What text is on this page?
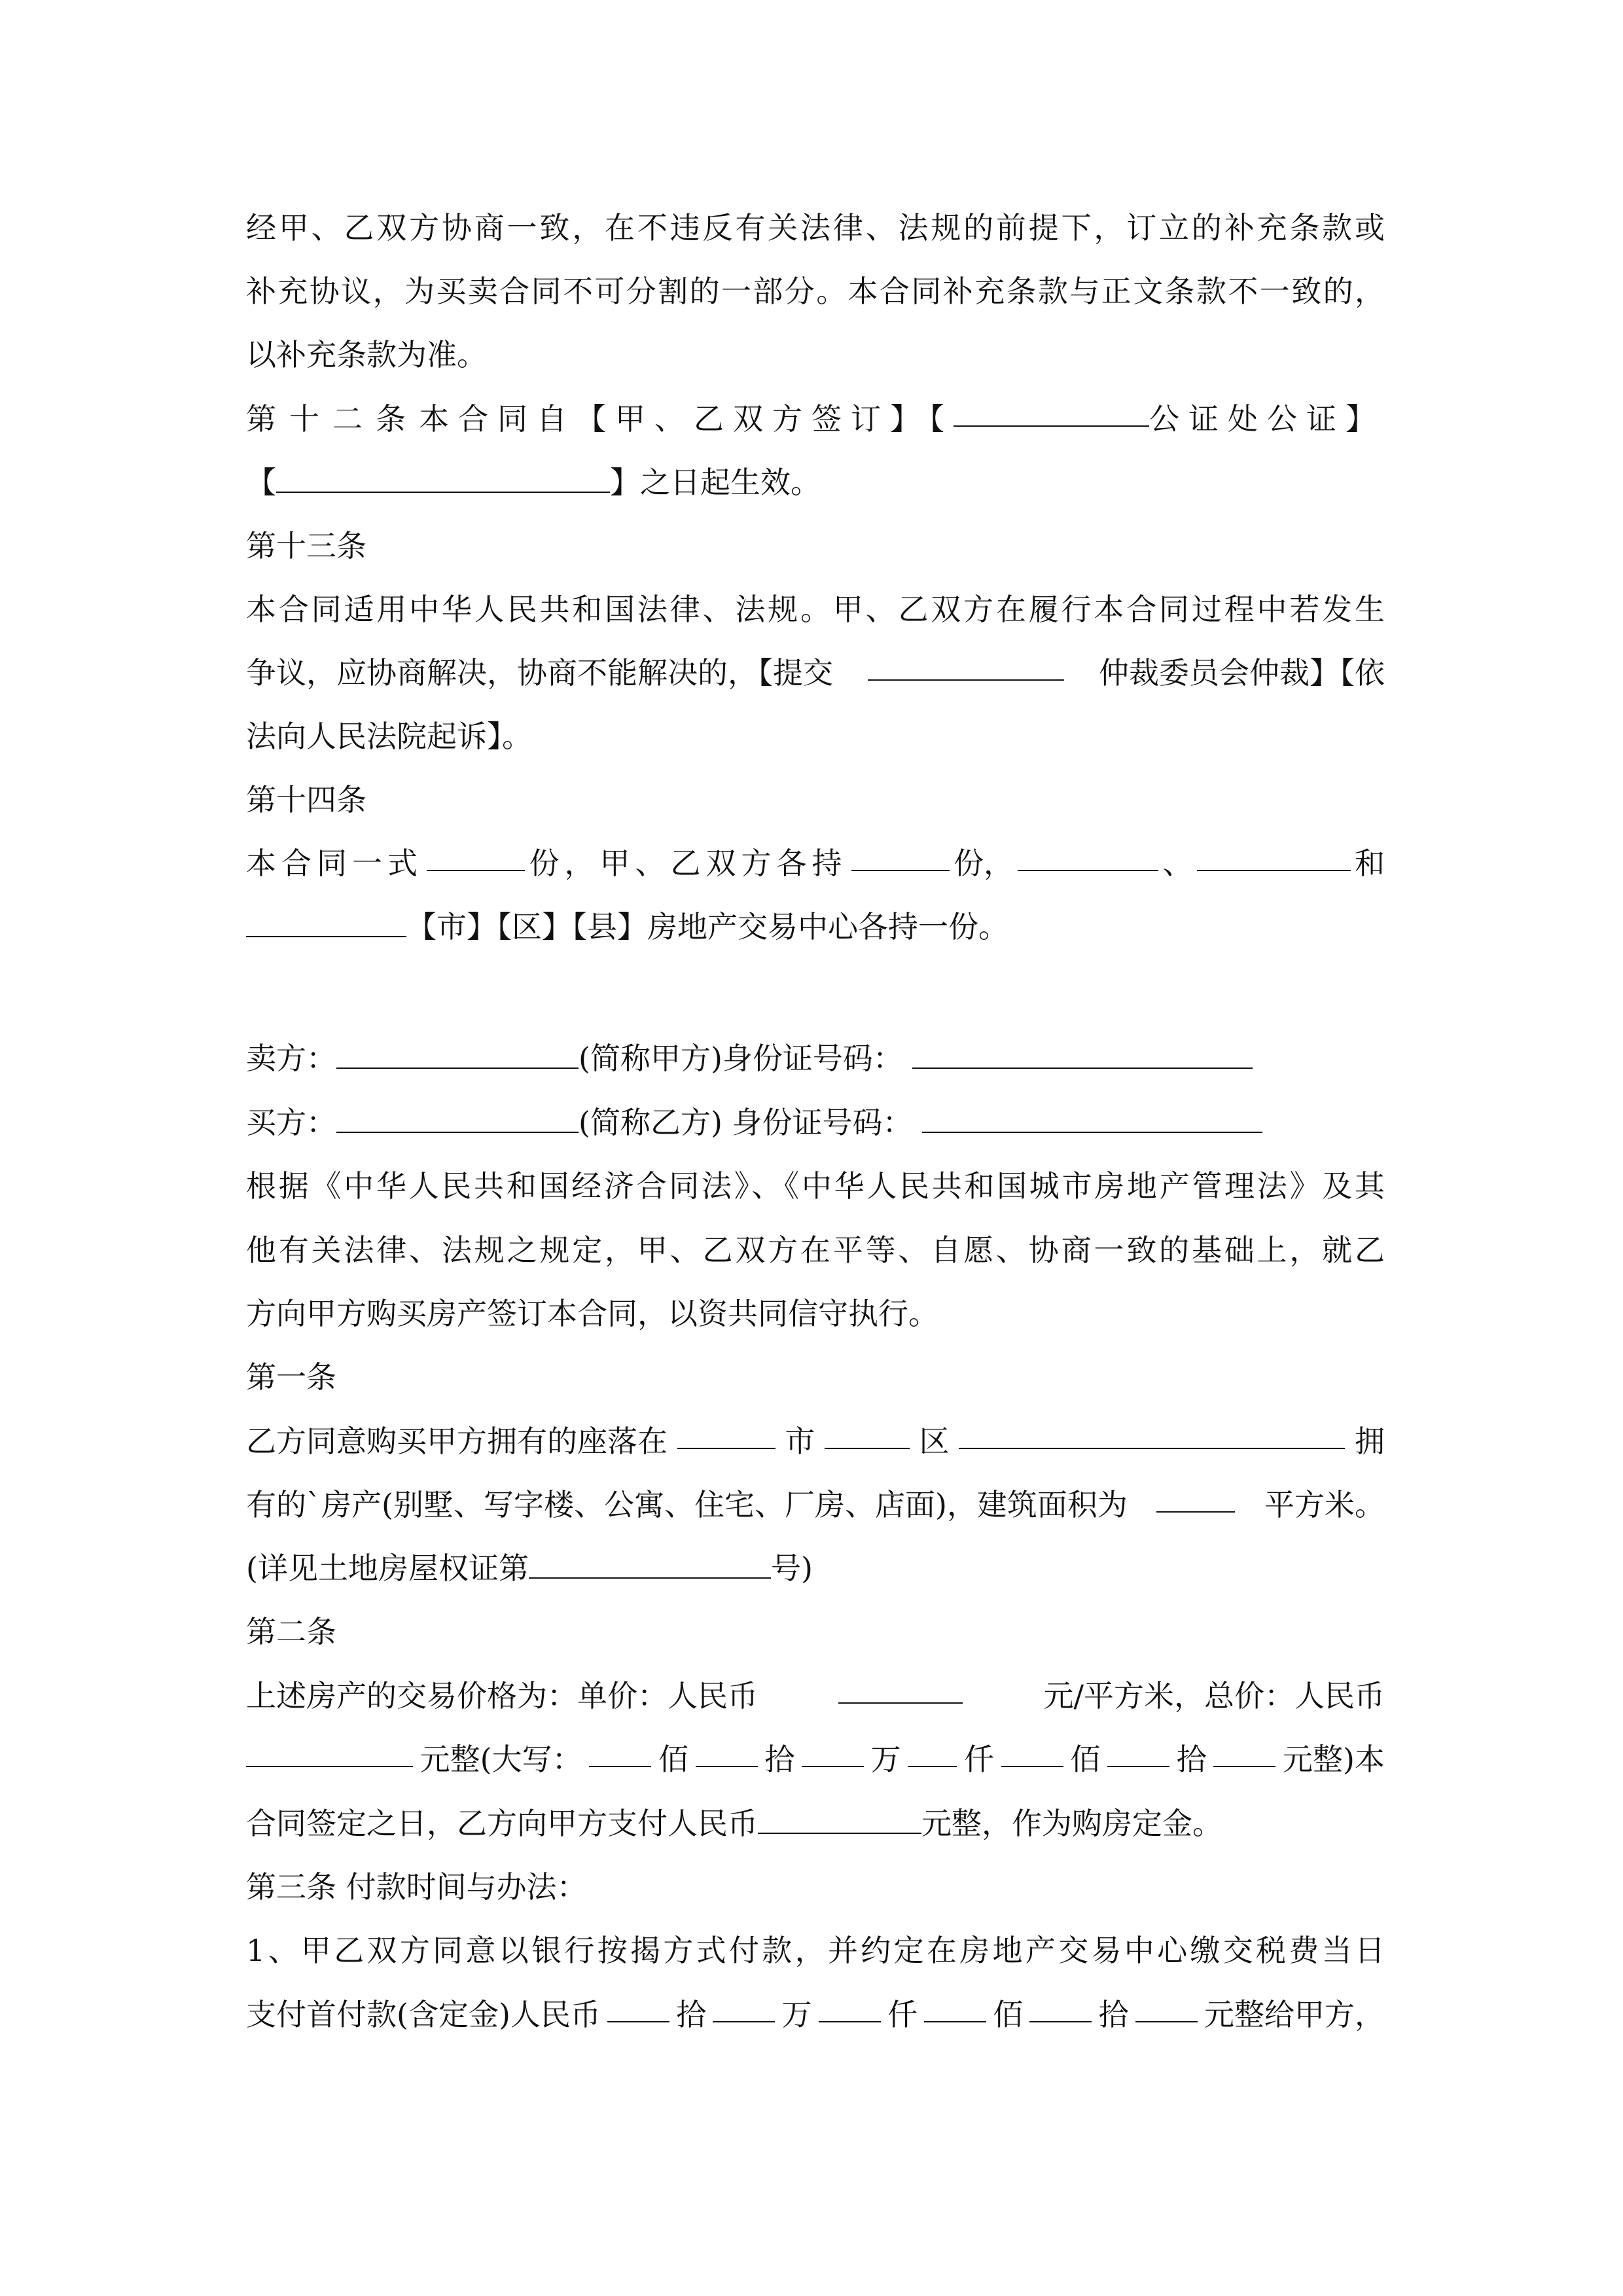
经甲、乙双方协商一致，在不违反有关法律、法规的前提下，订立的补充条款或
补充协议，为买卖合同不可分割的一部分。本合同补充条款与正文条款不一致的，
以补充条款为准。
第十二条 本合同自【甲、乙双方签订】【	公证处公证】
【	】之日起生效。
第十三条
本合同适用中华人民共和国法律、法规。甲、乙双方在履行本合同过程中若发生
争议，应协商解决，协商不能解决的，【提交	仲裁委员会仲裁】【依
法向人民法院起诉】。
第十四条
本合同一式	份，甲、乙双方各持	份，	、	和
【市】【区】【县】房地产交易中心各持一份。
卖方：	(简称甲方)身份证号码：
买方：	(简称乙方) 身份证号码：
根据《中华人民共和国经济合同法》、《中华人民共和国城市房地产管理法》及其
他有关法律、法规之规定，甲、乙双方在平等、自愿、协商一致的基础上，就乙
方向甲方购买房产签订本合同，以资共同信守执行。
第一条
乙方同意购买甲方拥有的座落在	市	区	拥
有的`房产(别墅、写字楼、公寓、住宅、厂房、店面)，建筑面积为	平方米。
(详见土地房屋权证第	号)
第二条
上述房产的交易价格为：单价：人民币	元/平方米，总价：人民币
元整(大写：	佰	拾	万 仟	佰	拾	元整)本
合同签定之日，乙方向甲方支付人民币	元整，作为购房定金。
第三条 付款时间与办法：
1、甲乙双方同意以银行按揭方式付款，并约定在房地产交易中心缴交税费当日
支付首付款(含定金)人民币	拾	万	仟	佰	拾	元整给甲方，
